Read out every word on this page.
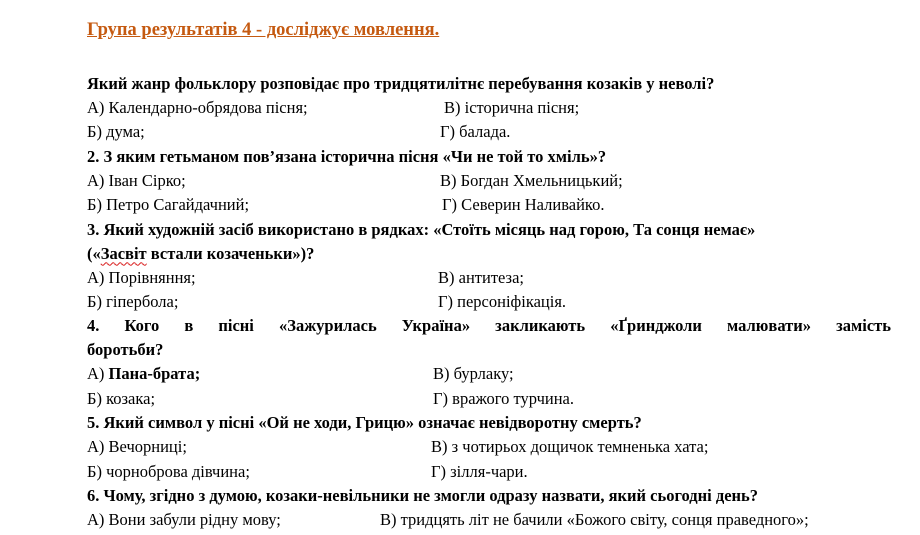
Група результатів 4 - досліджує мовлення.
Який жанр фольклору розповідає про тридцятилітнє перебування козаків у неволі?
А) Календарно-обрядова пісня;	В) історична пісня;
Б) дума;	Г) балада.
2. З яким гетьманом пов’язана історична пісня «Чи не той то хміль»?
А) Іван Сірко;	В) Богдан Хмельницький;
Б) Петро Сагайдачний;	Г) Северин Наливайко.
3. Який художній засіб використано в рядках: «Стоїть місяць над горою, Та сонця немає»
(«Засвіт встали козаченьки»)?
А) Порівняння;	В) антитеза;
Б) гіпербола;	Г) персоніфікація.
4. Кого в пісні «Зажурилась Україна» закликають «Ґринджоли малювати» замість
боротьби?
А) Пана-брата;	В) бурлаку;
Б) козака;	Г) вражого турчина.
5. Який символ у пісні «Ой не ходи, Грицю» означає невідворотну смерть?
А) Вечорниці;	В) з чотирьох дощичок темненька хата;
Б) чорноброва дівчина;	Г) зілля-чари.
6. Чому, згідно з думою, козаки-невільники не змогли одразу назвати, який сьогодні день?
А) Вони забули рідну мову;	В) тридцять літ не бачили «Божого світу, сонця праведного»;
